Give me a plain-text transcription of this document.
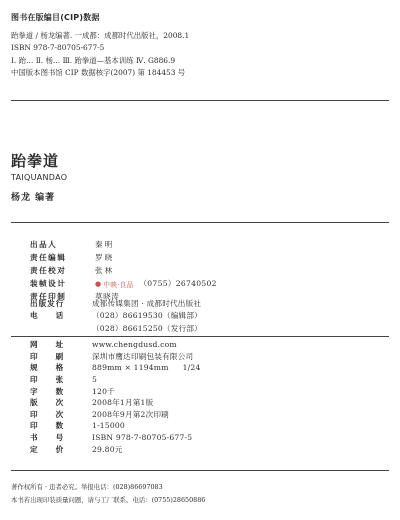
图书在版编目(CIP)数据
跆拳道 / 杨龙编著. 一成都：成都时代出版社，2008.1
ISBN 978-7-80705-677-5
Ⅰ. 跆… Ⅱ. 杨… Ⅲ. 跆拳道—基本训练 Ⅳ. G886.9
中国版本图书馆 CIP 数据核字(2007) 第 184453 号
跆拳道
TAIQUANDAO
杨龙 编著
出品人	秦明
责任编辑	罗晓
责任校对	张林
装帧设计	● 中映·良品 （0755）26740502
责任印制	莫晓涛
出版发行	成都传媒集团 · 成都时代出版社
电话	（028）86619530（编辑部）
（028）86615250（发行部）
网址	www.chengdusd.com
印刷	深圳市鹰达印刷包装有限公司
规格	889mm × 1194mm 1/24
印张	5
字数	120千
版次	2008年1月第1版
印次	2008年9月第2次印刷
印数	1-15000
书号	ISBN 978-7-80705-677-5
定价	29.80元
著作权所有 · 违者必究。举报电话：(028)86697083
本书若出现印装质量问题，请与工厂联系。电话：(0755)28650886
